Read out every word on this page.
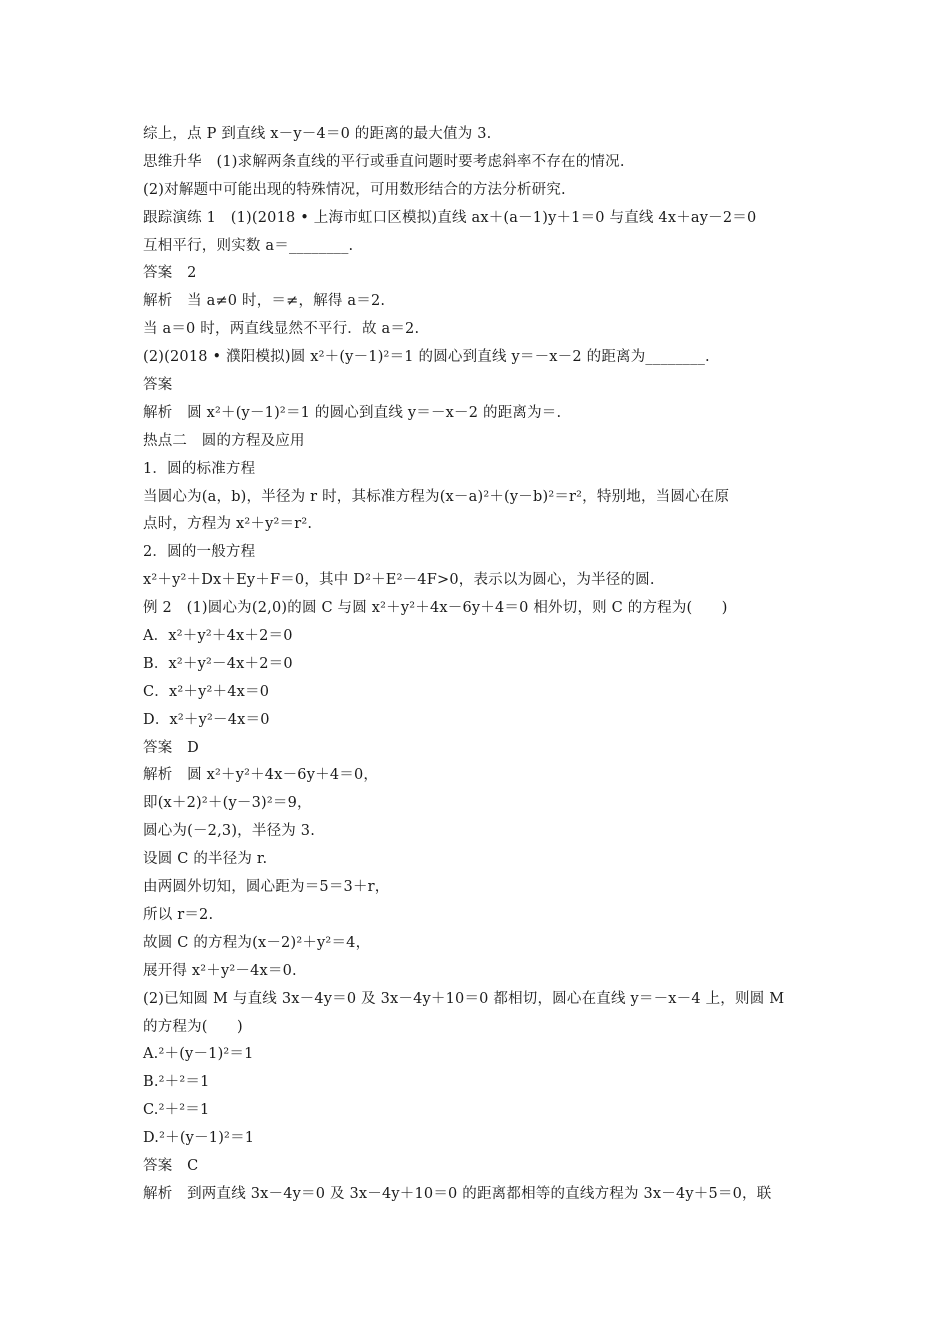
综上，点 P 到直线 x－y－4＝0 的距离的最大值为 3.
思维升华　(1)求解两条直线的平行或垂直问题时要考虑斜率不存在的情况.
(2)对解题中可能出现的特殊情况，可用数形结合的方法分析研究.
跟踪演练 1　(1)(2018 • 上海市虹口区模拟)直线 ax＋(a－1)y＋1＝0 与直线 4x＋ay－2＝0
互相平行，则实数 a＝________.
答案　2
解析　当 a≠0 时，＝≠，解得 a＝2.
当 a＝0 时，两直线显然不平行．故 a＝2.
(2)(2018 • 濮阳模拟)圆 x²＋(y－1)²＝1 的圆心到直线 y＝－x－2 的距离为________.
答案
解析　圆 x²＋(y－1)²＝1 的圆心到直线 y＝－x－2 的距离为＝.
热点二　圆的方程及应用
1．圆的标准方程
当圆心为(a，b)，半径为 r 时，其标准方程为(x－a)²＋(y－b)²＝r²，特别地，当圆心在原
点时，方程为 x²＋y²＝r².
2．圆的一般方程
x²＋y²＋Dx＋Ey＋F＝0，其中 D²＋E²－4F>0，表示以为圆心，为半径的圆.
例 2　(1)圆心为(2,0)的圆 C 与圆 x²＋y²＋4x－6y＋4＝0 相外切，则 C 的方程为(　　)
A．x²＋y²＋4x＋2＝0
B．x²＋y²－4x＋2＝0
C．x²＋y²＋4x＝0
D．x²＋y²－4x＝0
答案　D
解析　圆 x²＋y²＋4x－6y＋4＝0，
即(x＋2)²＋(y－3)²＝9，
圆心为(－2,3)，半径为 3.
设圆 C 的半径为 r.
由两圆外切知，圆心距为＝5＝3＋r，
所以 r＝2.
故圆 C 的方程为(x－2)²＋y²＝4，
展开得 x²＋y²－4x＝0.
(2)已知圆 M 与直线 3x－4y＝0 及 3x－4y＋10＝0 都相切，圆心在直线 y＝－x－4 上，则圆 M
的方程为(　　)
A.²＋(y－1)²＝1
B.²＋²＝1
C.²＋²＝1
D.²＋(y－1)²＝1
答案　C
解析　到两直线 3x－4y＝0 及 3x－4y＋10＝0 的距离都相等的直线方程为 3x－4y＋5＝0，联
